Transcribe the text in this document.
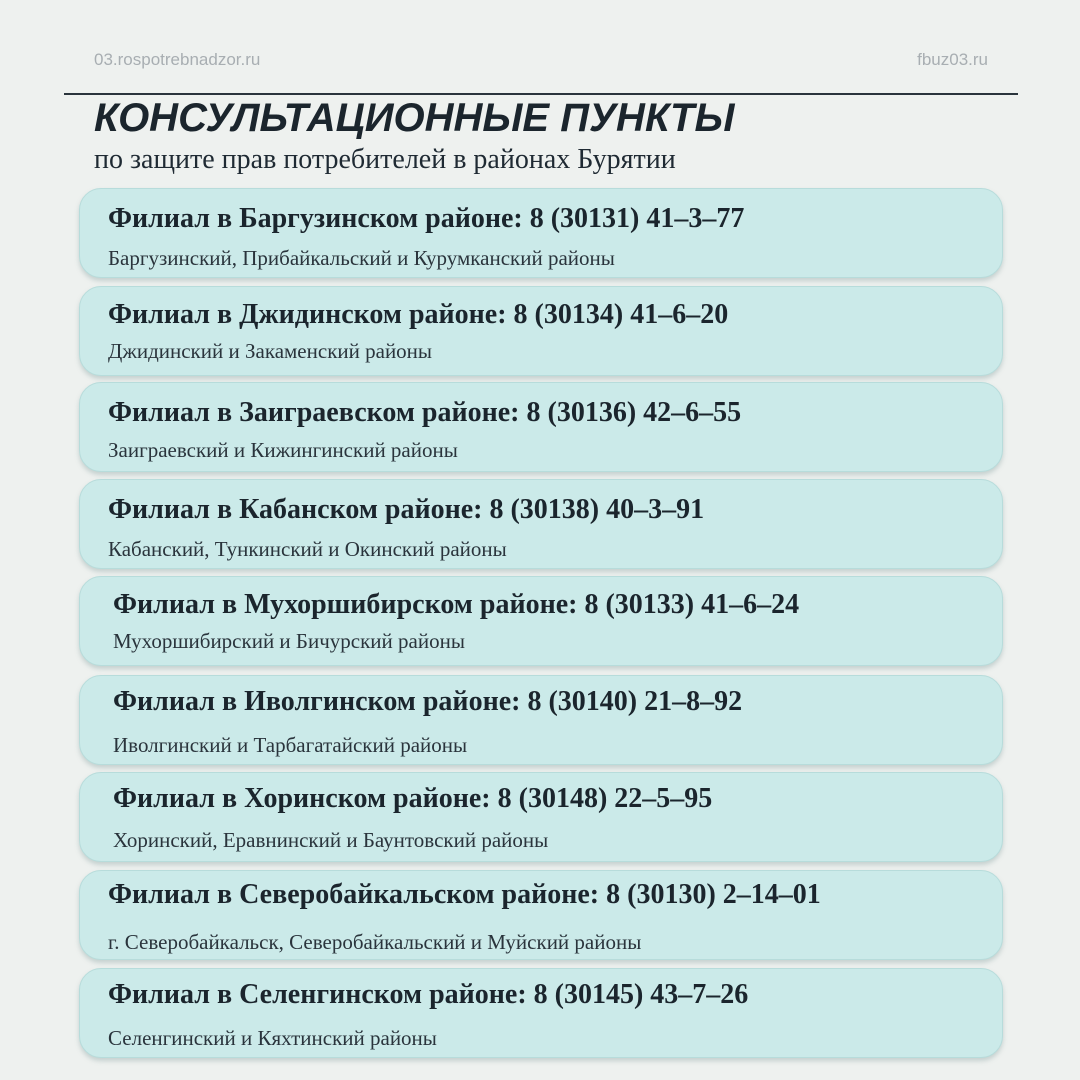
03.rospotrebnadzor.ru	fbuz03.ru
КОНСУЛЬТАЦИОННЫЕ ПУНКТЫ
по защите прав потребителей в районах Бурятии
Филиал в Баргузинском районе: 8 (30131) 41–3–77
Баргузинский, Прибайкальский и Курумканский районы
Филиал в Джидинском районе: 8 (30134) 41–6–20
Джидинский и Закаменский районы
Филиал в Заиграевском районе: 8 (30136) 42–6–55
Заиграевский и Кижингинский районы
Филиал в Кабанском районе: 8 (30138) 40–3–91
Кабанский, Тункинский и Окинский районы
Филиал в Мухоршибирском районе: 8 (30133) 41–6–24
Мухоршибирский и Бичурский районы
Филиал в Иволгинском районе: 8 (30140) 21–8–92
Иволгинский и Тарбагатайский районы
Филиал в Хоринском районе: 8 (30148) 22–5–95
Хоринский, Еравнинский и Баунтовский районы
Филиал в Северобайкальском районе: 8 (30130) 2–14–01
г. Северобайкальск, Северобайкальский и Муйский районы
Филиал в Селенгинском районе: 8 (30145) 43–7–26
Селенгинский и Кяхтинский районы
